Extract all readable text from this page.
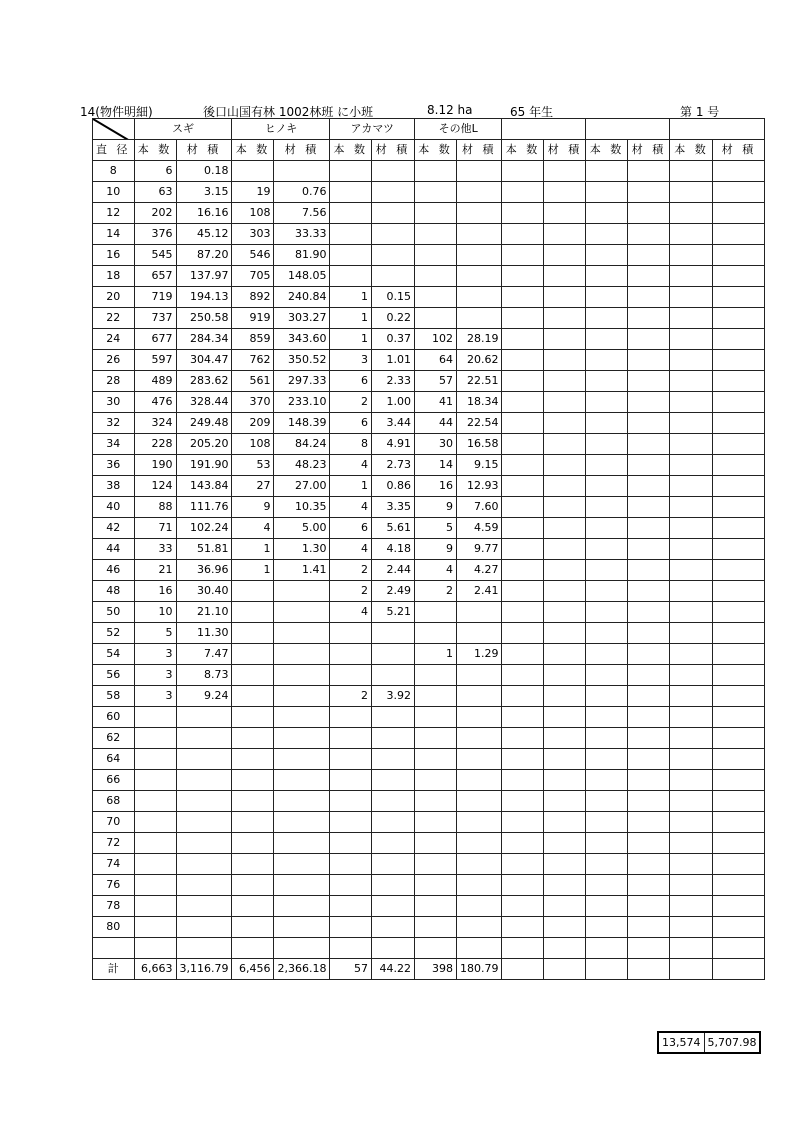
14(物件明細)	後口山国有林 1002林班 に小班	8.12 ha	65 年生	第 1 号
	スギ		ヒノキ		アカマツ		その他L							
直 径	本 数	材 積	本 数	材 積	本 数	材 積	本 数	材 積	本 数	材 積	本 数	材 積	本 数	材 積
8	6	0.18												
10	63	3.15	19	0.76										
12	202	16.16	108	7.56										
14	376	45.12	303	33.33										
16	545	87.20	546	81.90										
18	657	137.97	705	148.05										
20	719	194.13	892	240.84	1	0.15								
22	737	250.58	919	303.27	1	0.22								
24	677	284.34	859	343.60	1	0.37	102	28.19						
26	597	304.47	762	350.52	3	1.01	64	20.62						
28	489	283.62	561	297.33	6	2.33	57	22.51						
30	476	328.44	370	233.10	2	1.00	41	18.34						
32	324	249.48	209	148.39	6	3.44	44	22.54						
34	228	205.20	108	84.24	8	4.91	30	16.58						
36	190	191.90	53	48.23	4	2.73	14	9.15						
38	124	143.84	27	27.00	1	0.86	16	12.93						
40	88	111.76	9	10.35	4	3.35	9	7.60						
42	71	102.24	4	5.00	6	5.61	5	4.59						
44	33	51.81	1	1.30	4	4.18	9	9.77						
46	21	36.96	1	1.41	2	2.44	4	4.27						
48	16	30.40			2	2.49	2	2.41						
50	10	21.10			4	5.21								
52	5	11.30												
54	3	7.47					1	1.29						
56	3	8.73												
58	3	9.24			2	3.92								
60														
62														
64														
66														
68														
70														
72														
74														
76														
78														
80														

計	6,663	3,116.79	6,456	2,366.18	57	44.22	398	180.79						
13,574	5,707.98
